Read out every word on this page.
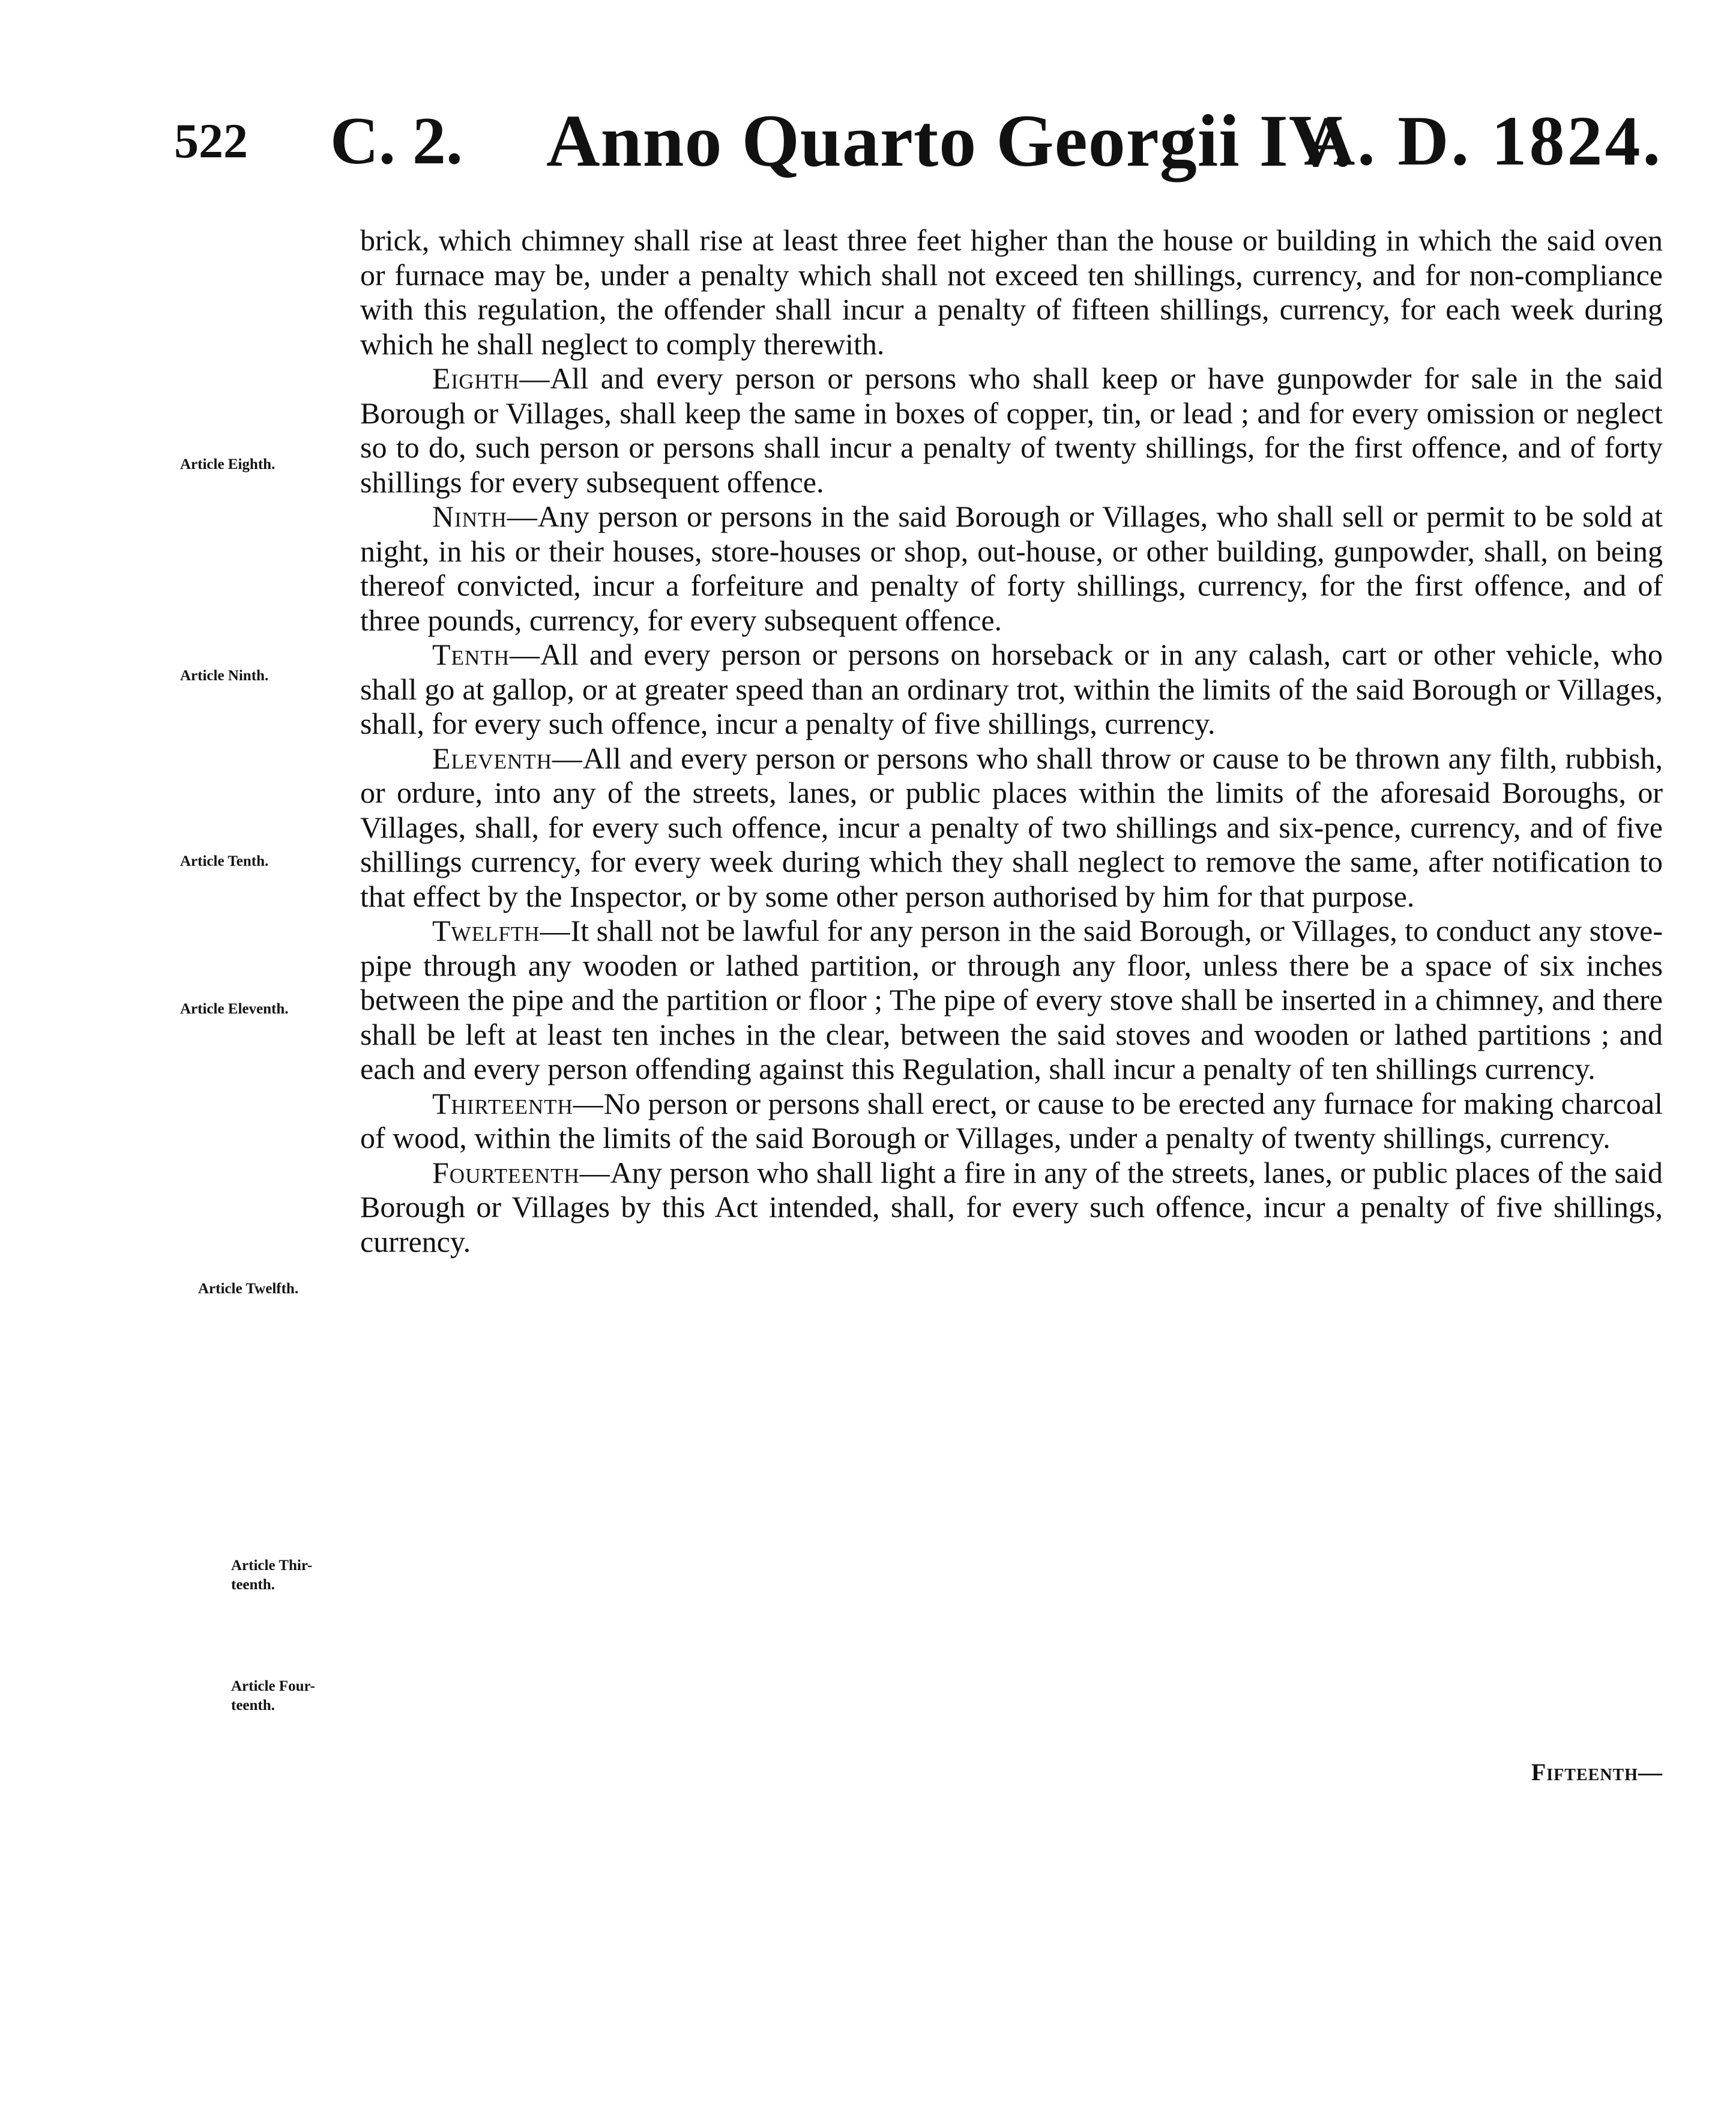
522 C. 2. Anno Quarto Georgii IV.
A. D. 1824.
Article Eighth.
Article Ninth.
Article Tenth.
Article Eleventh.
Article Twelfth.
Article Thir-
teenth.
Article Four-
teenth.

brick, which chimney shall rise at least three feet higher than the house or building in which the said oven or furnace may be, under a penalty which shall not exceed ten shillings, currency, and for non-compliance with this regulation, the offender shall incur a penalty of fifteen shillings, currency, for each week during which he shall neglect to comply therewith.

Eighth—All and every person or persons who shall keep or have gunpowder for sale in the said Borough or Villages, shall keep the same in boxes of copper, tin, or lead ; and for every omission or neglect so to do, such person or persons shall incur a penalty of twenty shillings, for the first offence, and of forty shillings for every subsequent offence.

Ninth—Any person or persons in the said Borough or Villages, who shall sell or permit to be sold at night, in his or their houses, store-houses or shop, out-house, or other building, gunpowder, shall, on being thereof convicted, incur a forfeiture and penalty of forty shillings, currency, for the first offence, and of three pounds, currency, for every subsequent offence.

Tenth—All and every person or persons on horseback or in any calash, cart or other vehicle, who shall go at gallop, or at greater speed than an ordinary trot, within the limits of the said Borough or Villages, shall, for every such offence, incur a penalty of five shillings, currency.

Eleventh—All and every person or persons who shall throw or cause to be thrown any filth, rubbish, or ordure, into any of the streets, lanes, or public places within the limits of the aforesaid Boroughs, or Villages, shall, for every such offence, incur a penalty of two shillings and six-pence, currency, and of five shillings currency, for every week during which they shall neglect to remove the same, after notification to that effect by the Inspector, or by some other person authorised by him for that purpose.

Twelfth—It shall not be lawful for any person in the said Borough, or Villages, to conduct any stove-pipe through any wooden or lathed partition, or through any floor, unless there be a space of six inches between the pipe and the partition or floor ; The pipe of every stove shall be inserted in a chimney, and there shall be left at least ten inches in the clear, between the said stoves and wooden or lathed partitions ; and each and every person offending against this Regulation, shall incur a penalty of ten shillings currency.

Thirteenth—No person or persons shall erect, or cause to be erected any furnace for making charcoal of wood, within the limits of the said Borough or Villages, under a penalty of twenty shillings, currency.

Fourteenth—Any person who shall light a fire in any of the streets, lanes, or public places of the said Borough or Villages by this Act intended, shall, for every such offence, incur a penalty of five shillings, currency.

Fifteenth—
